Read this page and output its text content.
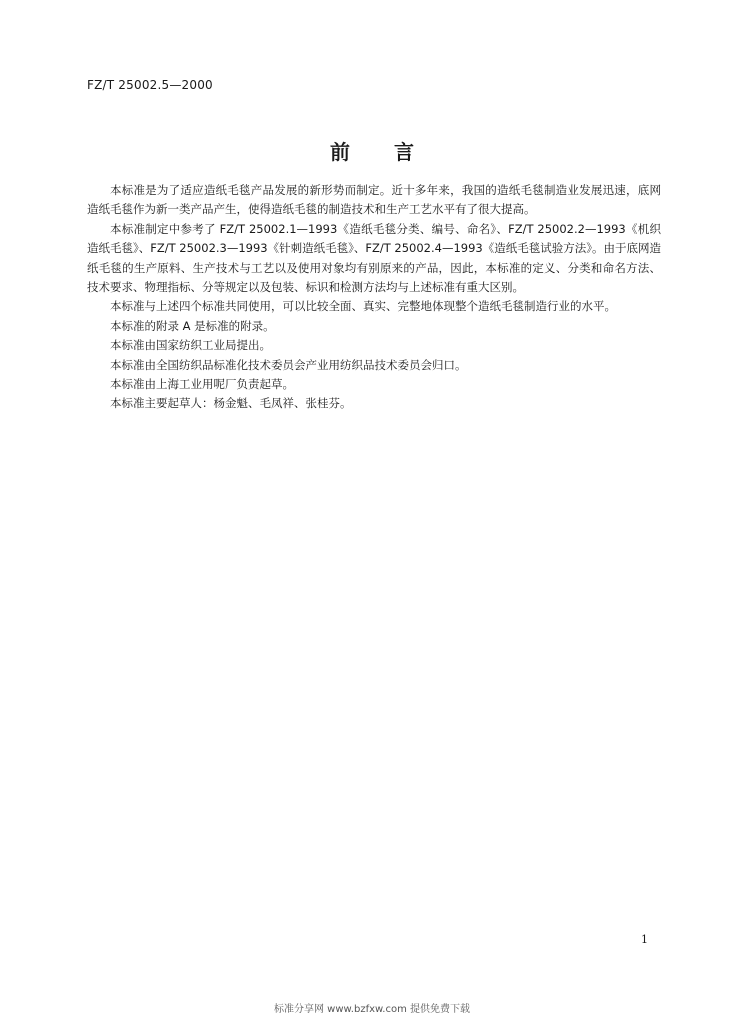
FZ/T 25002.5—2000
前言

本标准是为了适应造纸毛毯产品发展的新形势而制定。近十多年来，我国的造纸毛毯制造业发展迅速，底网造纸毛毯作为新一类产品产生，使得造纸毛毯的制造技术和生产工艺水平有了很大提高。

本标准制定中参考了 FZ/T 25002.1—1993《造纸毛毯分类、编号、命名》、FZ/T 25002.2—1993《机织造纸毛毯》、FZ/T 25002.3—1993《针刺造纸毛毯》、FZ/T 25002.4—1993《造纸毛毯试验方法》。由于底网造纸毛毯的生产原料、生产技术与工艺以及使用对象均有别原来的产品，因此，本标准的定义、分类和命名方法、技术要求、物理指标、分等规定以及包装、标识和检测方法均与上述标准有重大区别。

本标准与上述四个标准共同使用，可以比较全面、真实、完整地体现整个造纸毛毯制造行业的水平。

本标准的附录 A 是标准的附录。

本标准由国家纺织工业局提出。

本标准由全国纺织品标准化技术委员会产业用纺织品技术委员会归口。

本标准由上海工业用呢厂负责起草。

本标准主要起草人：杨金魁、毛凤祥、张桂芬。

1
标准分享网 www.bzfxw.com 提供免费下载
